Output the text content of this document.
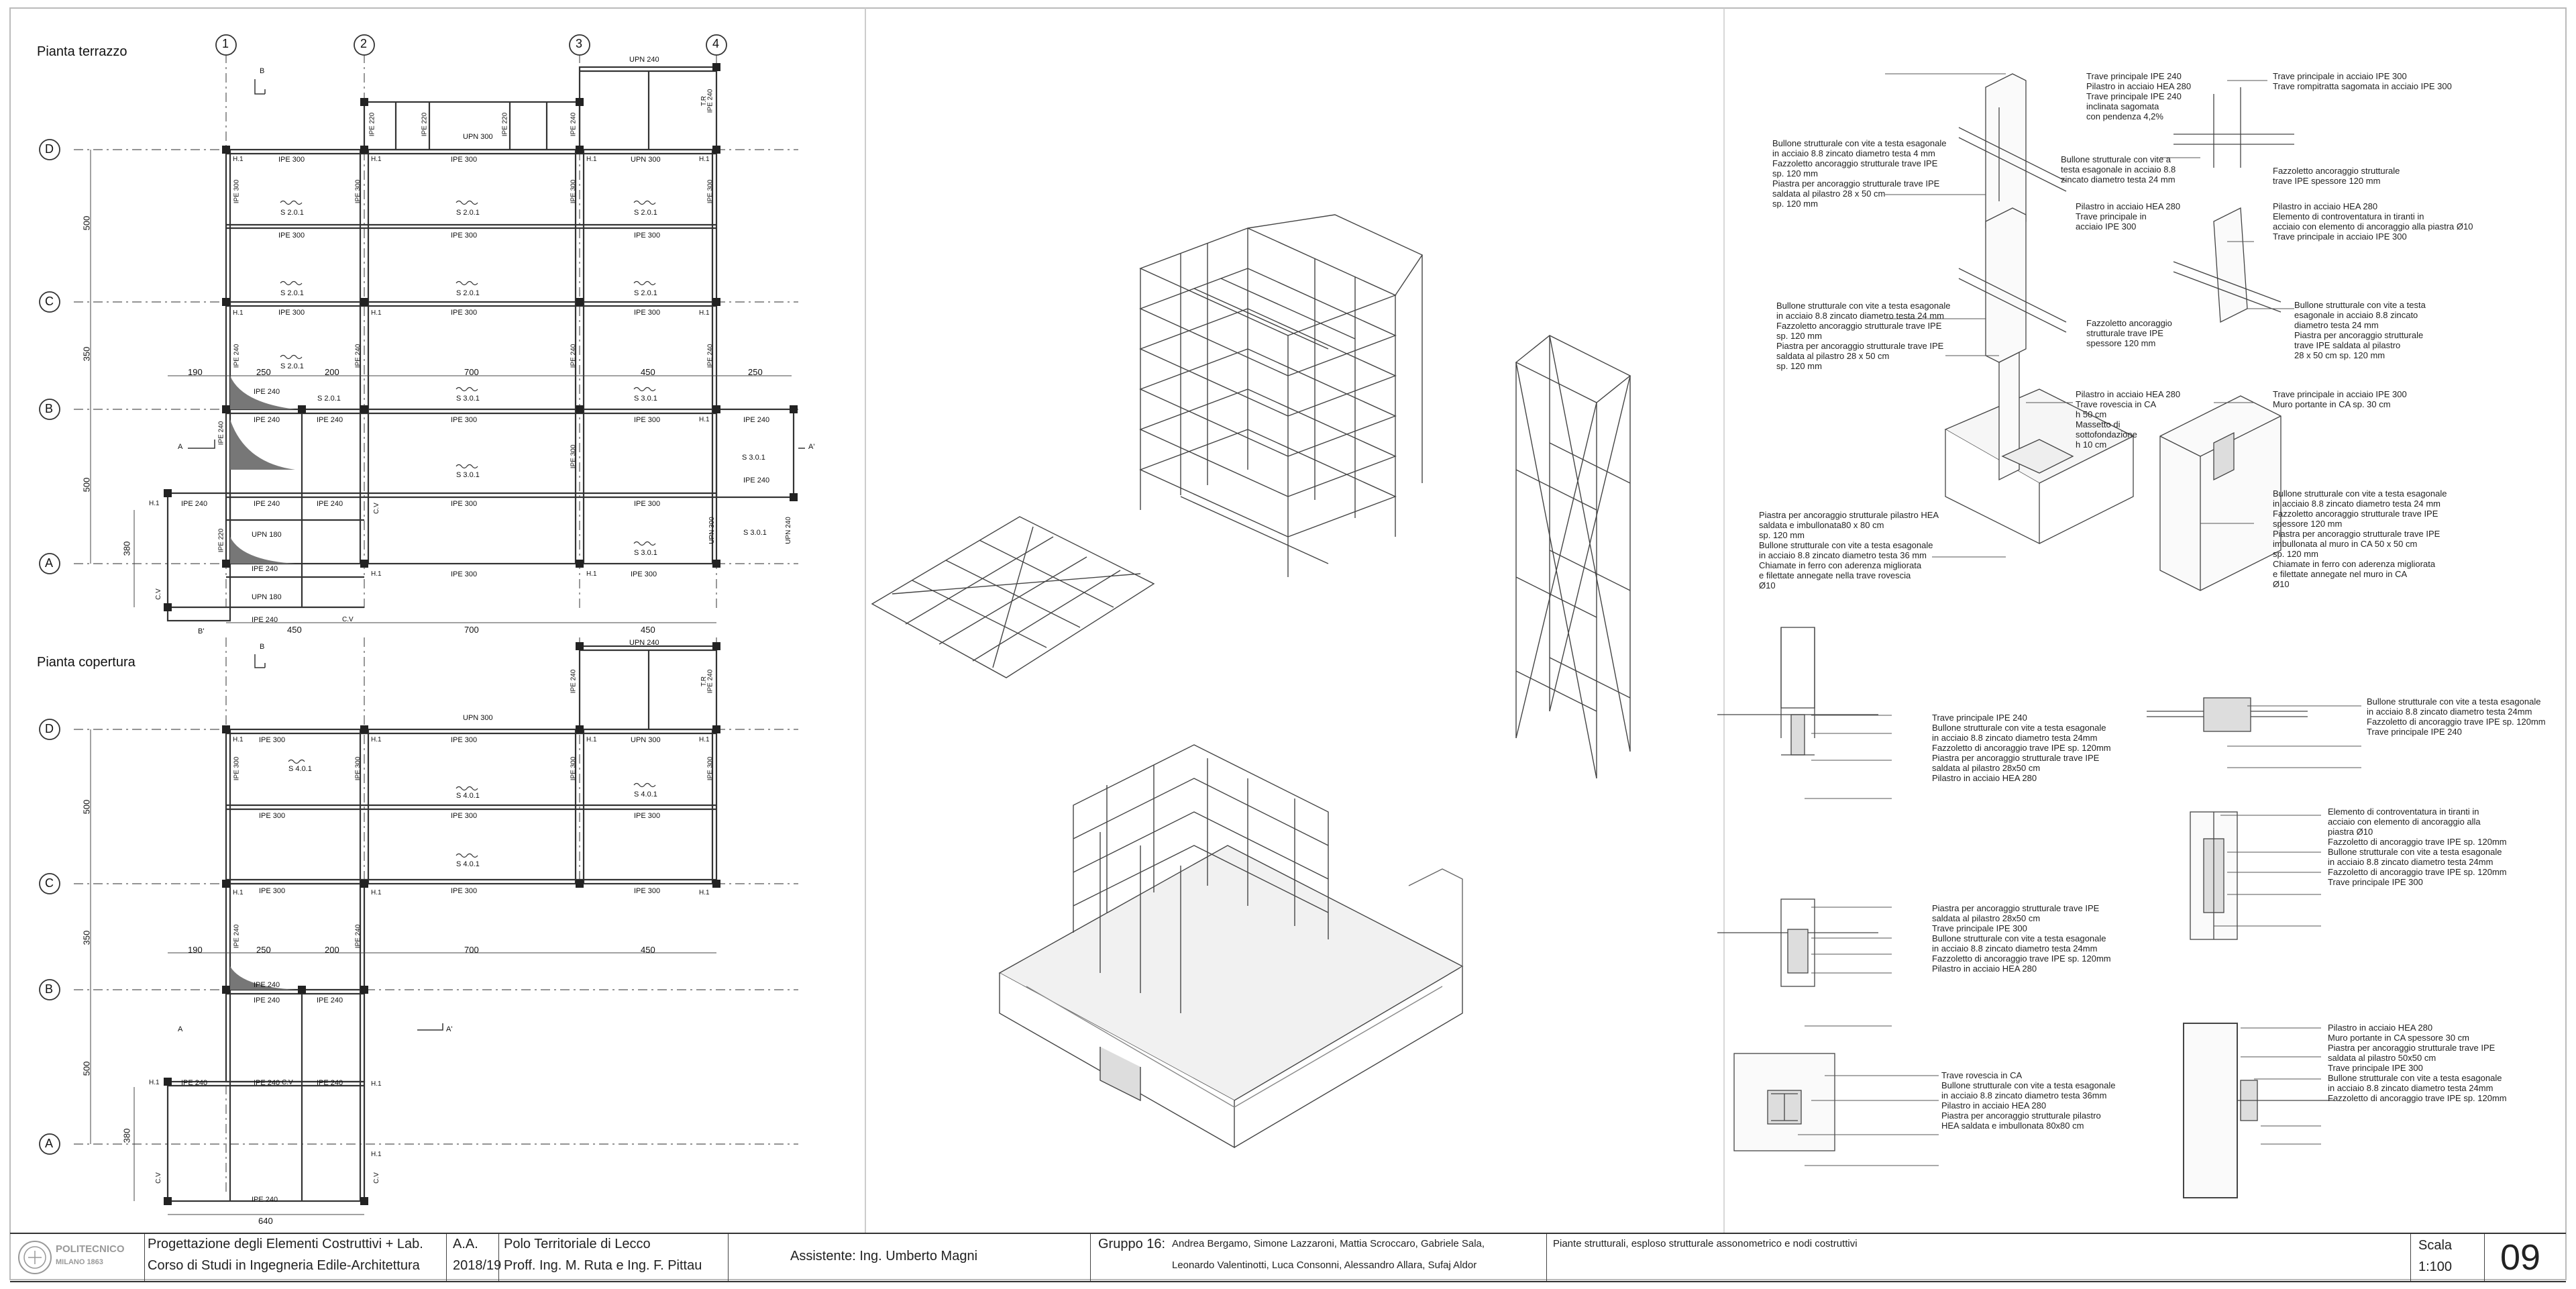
Pianta terrazzo
Pianta copertura
1	2	3	4
D
C
B
A
D
C
B
A
500
350
500
380
190	250	200	700	450	250
450	700	450
500
350
500
380
190	250	200	700	450
640
UPN 240
IPE 300	IPE 300	UPN 300
UPN 300
IPE 300	IPE 300	IPE 300
IPE 300	IPE 300	IPE 300
IPE 240
IPE 240	IPE 240	IPE 300	IPE 300	IPE 240
IPE 240
IPE 240	IPE 240	IPE 240	IPE 300	IPE 300
UPN 180
IPE 240
UPN 180
IPE 300	IPE 300
IPE 240
S 2.0.1	S 2.0.1	S 2.0.1
S 2.0.1	S 2.0.1	S 2.0.1
S 2.0.1
S 3.0.1	S 3.0.1
S 3.0.1
S 3.0.1
S 3.0.1
S 3.0.1
S 2.0.1
H.1	H.1	H.1	H.1
H.1	H.1	H.1
H.1
H.1	H.1
H.1
C.V
C.V
C.V
T.R
B
A	A'
B'
IPE 300	IPE 300	IPE 300	IPE 300
IPE 240	IPE 240	IPE 240	IPE 240
IPE 300
UPN 300	UPN 240
IPE 240
IPE 220
IPE 220	IPE 220	IPE 220	IPE 240
IPE 240
UPN 240
UPN 300
IPE 300	IPE 300	UPN 300
IPE 300	IPE 300	IPE 300
IPE 300	IPE 300	IPE 300
IPE 240
IPE 240	IPE 240
IPE 240	IPE 240	IPE 240
IPE 240
S 4.0.1
S 4.0.1
S 4.0.1	S 4.0.1
H.1	H.1	H.1	H.1
H.1	H.1	H.1
H.1	H.1
H.1
C.V
C.V	C.V
T.R
B
A	A'
IPE 300	IPE 300	IPE 300	IPE 300
IPE 240	IPE 240
IPE 240	IPE 240
Trave principale IPE 240
Pilastro in acciaio HEA 280
Trave principale IPE 240
inclinata sagomata
con pendenza 4,2%
Bullone strutturale con vite a testa esagonale
in acciaio 8.8 zincato diametro testa 4 mm
Fazzoletto ancoraggio strutturale trave IPE
sp. 120 mm
Piastra per ancoraggio strutturale trave IPE
saldata al pilastro 28 x 50 cm
sp. 120 mm
Bullone strutturale con vite a
testa esagonale in acciaio 8.8
zincato diametro testa 24 mm
Trave principale in acciaio IPE 300
Trave rompitratta sagomata in acciaio IPE 300
Fazzoletto ancoraggio strutturale
trave IPE spessore 120 mm
Pilastro in acciaio HEA 280
Trave principale in
acciaio IPE 300
Bullone strutturale con vite a testa esagonale
in acciaio 8.8 zincato diametro testa 24 mm
Fazzoletto ancoraggio strutturale trave IPE
sp. 120 mm
Piastra per ancoraggio strutturale trave IPE
saldata al pilastro 28 x 50 cm
sp. 120 mm
Fazzoletto ancoraggio
strutturale trave IPE
spessore 120 mm
Pilastro in acciaio HEA 280
Elemento di controventatura in tiranti in
acciaio con elemento di ancoraggio alla piastra Ø10
Trave principale in acciaio IPE 300
Bullone strutturale con vite a testa
esagonale in acciaio 8.8 zincato
diametro testa 24 mm
Piastra per ancoraggio strutturale
trave IPE saldata al pilastro
28 x 50 cm sp. 120 mm
Pilastro in acciaio HEA 280
Trave rovescia in CA
h 50 cm
Massetto di
sottofondazione
h 10 cm
Piastra per ancoraggio strutturale pilastro HEA
saldata e imbullonata80 x 80 cm
sp. 120 mm
Bullone strutturale con vite a testa esagonale
in acciaio 8.8 zincato diametro testa 36 mm
Chiamate in ferro con aderenza migliorata
e filettate annegate nella trave rovescia
Ø10
Trave principale in acciaio IPE 300
Muro portante in CA sp. 30 cm
Bullone strutturale con vite a testa esagonale
in acciaio 8.8 zincato diametro testa 24 mm
Fazzoletto ancoraggio strutturale trave IPE
spessore 120 mm
Piastra per ancoraggio strutturale trave IPE
imbullonata al muro in CA 50 x 50 cm
sp. 120 mm
Chiamate in ferro con aderenza migliorata
e filettate annegate nel muro in CA
Ø10
Trave principale IPE 240
Bullone strutturale con vite a testa esagonale
in acciaio 8.8 zincato diametro testa 24mm
Fazzoletto di ancoraggio trave IPE sp. 120mm
Piastra per ancoraggio strutturale trave IPE
saldata al pilastro 28x50 cm
Pilastro in acciaio HEA 280
Bullone strutturale con vite a testa esagonale
in acciaio 8.8 zincato diametro testa 24mm
Fazzoletto di ancoraggio trave IPE sp. 120mm
Trave principale IPE 240
Piastra per ancoraggio strutturale trave IPE
saldata al pilastro 28x50 cm
Trave principale IPE 300
Bullone strutturale con vite a testa esagonale
in acciaio 8.8 zincato diametro testa 24mm
Fazzoletto di ancoraggio trave IPE sp. 120mm
Pilastro in acciaio HEA 280
Elemento di controventatura in tiranti in
acciaio con elemento di ancoraggio alla
piastra Ø10
Fazzoletto di ancoraggio trave IPE sp. 120mm
Bullone strutturale con vite a testa esagonale
in acciaio 8.8 zincato diametro testa 24mm
Fazzoletto di ancoraggio trave IPE sp. 120mm
Trave principale IPE 300
Trave rovescia in CA
Bullone strutturale con vite a testa esagonale
in acciaio 8.8 zincato diametro testa 36mm
Pilastro in acciaio HEA 280
Piastra per ancoraggio strutturale pilastro
HEA saldata e imbullonata 80x80 cm
Pilastro in acciaio HEA 280
Muro portante in CA spessore 30 cm
Piastra per ancoraggio strutturale trave IPE
saldata al pilastro 50x50 cm
Trave principale IPE 300
Bullone strutturale con vite a testa esagonale
in acciaio 8.8 zincato diametro testa 24mm
Fazzoletto di ancoraggio trave IPE sp. 120mm
POLITECNICO
MILANO 1863
Progettazione degli Elementi Costruttivi + Lab.
Corso di Studi in Ingegneria Edile-Architettura
A.A.
2018/19
Polo Territoriale di Lecco
Proff. Ing. M. Ruta e Ing. F. Pittau
Assistente: Ing. Umberto Magni
Gruppo 16: Andrea Bergamo, Simone Lazzaroni, Mattia Scroccaro, Gabriele Sala,
Leonardo Valentinotti, Luca Consonni, Alessandro Allara, Sufaj Aldor
Piante strutturali, esploso strutturale assonometrico e nodi costruttivi	Scala
1:100 09
